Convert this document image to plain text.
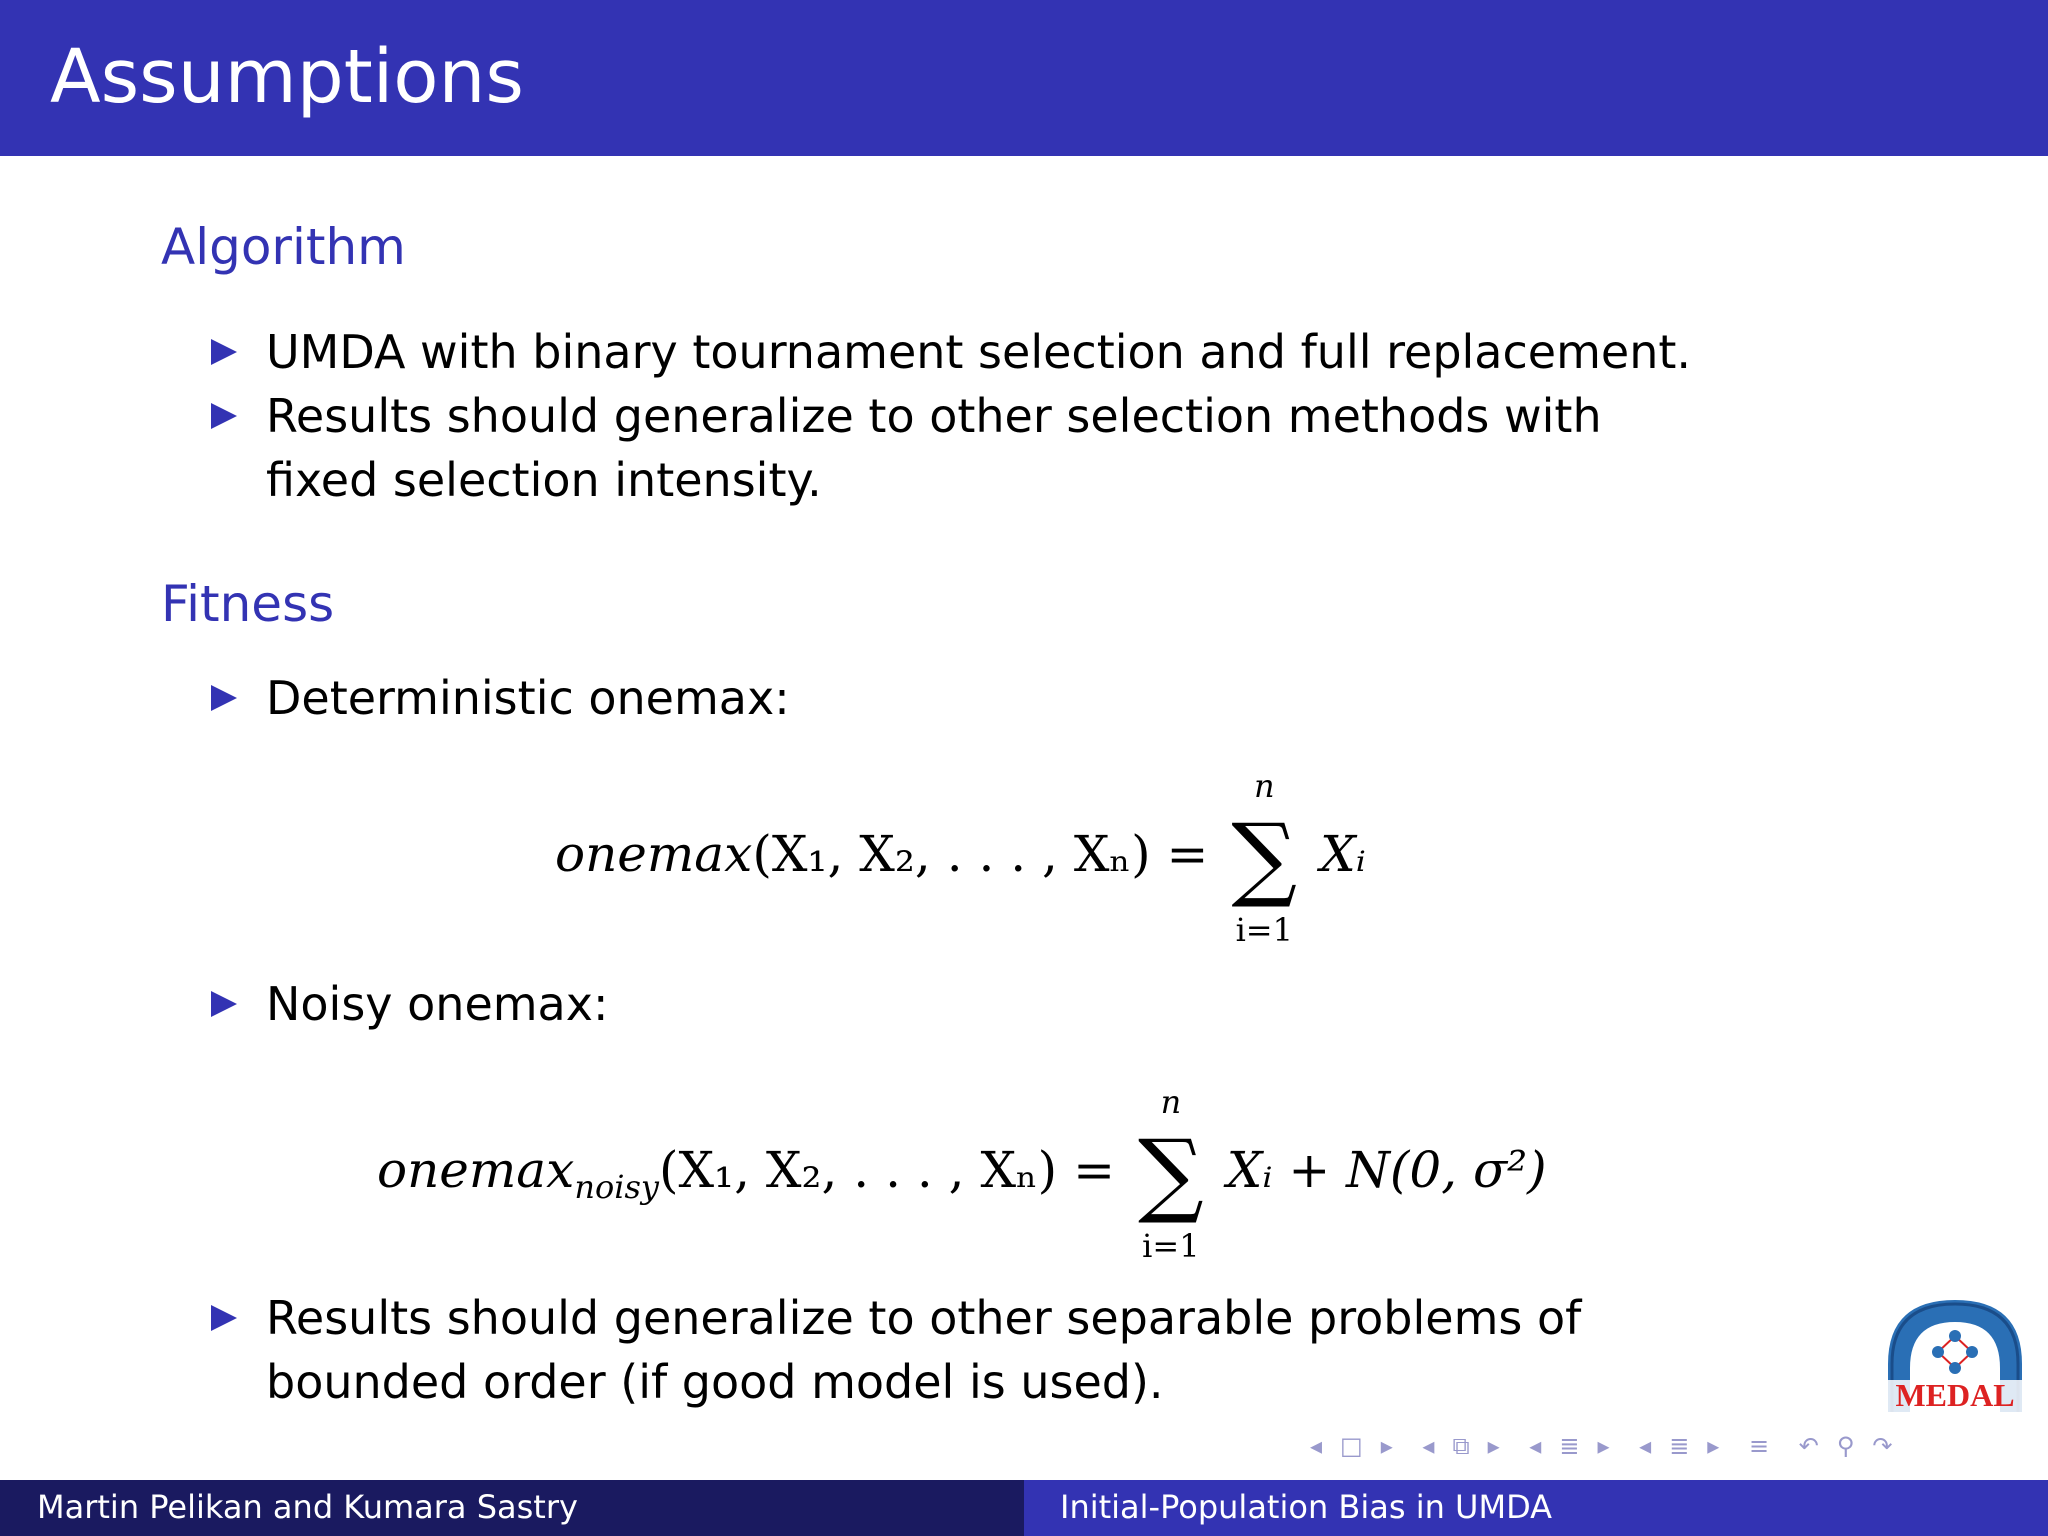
Assumptions
Algorithm
UMDA with binary tournament selection and full replacement.
Results should generalize to other selection methods with
fixed selection intensity.
Fitness
Deterministic onemax:
onemax(X₁, X₂, . . . , Xₙ) =
n
∑
i=1
Xᵢ
Noisy onemax:
onemax$_{noisy}$(X₁, X₂, . . . , Xₙ) =
n
∑
i=1
Xᵢ + N(0, σ²)
Results should generalize to other separable problems of
bounded order (if good model is used).	MEDAL
◂ □ ▸ ◂ ⧉ ▸ ◂ ≣ ▸ ◂ ≣ ▸ ≡ ↶ ⚲ ↷
Martin Pelikan and Kumara Sastry	Initial-Population Bias in UMDA
